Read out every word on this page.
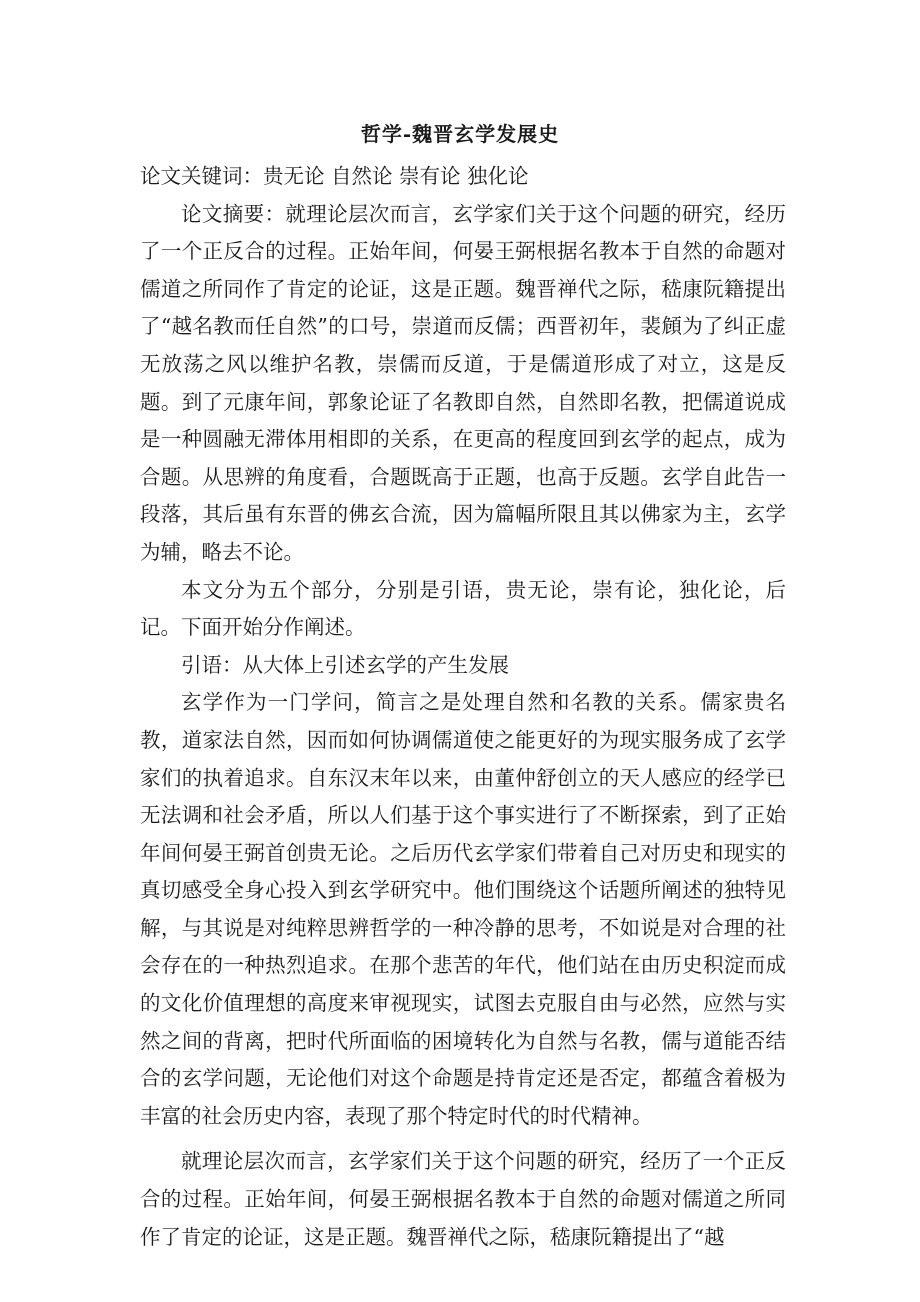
哲学-魏晋玄学发展史

论文关键词：贵无论 自然论 崇有论 独化论

论文摘要：就理论层次而言，玄学家们关于这个问题的研究，经历了一个正反合的过程。正始年间，何晏王弼根据名教本于自然的命题对儒道之所同作了肯定的论证，这是正题。魏晋禅代之际，嵇康阮籍提出了“越名教而任自然”的口号，崇道而反儒；西晋初年，裴頠为了纠正虚无放荡之风以维护名教，崇儒而反道，于是儒道形成了对立，这是反题。到了元康年间，郭象论证了名教即自然，自然即名教，把儒道说成是一种圆融无滞体用相即的关系，在更高的程度回到玄学的起点，成为合题。从思辨的角度看，合题既高于正题，也高于反题。玄学自此告一段落，其后虽有东晋的佛玄合流，因为篇幅所限且其以佛家为主，玄学为辅，略去不论。

本文分为五个部分，分别是引语，贵无论，崇有论，独化论，后记。下面开始分作阐述。

引语：从大体上引述玄学的产生发展

玄学作为一门学问，简言之是处理自然和名教的关系。儒家贵名教，道家法自然，因而如何协调儒道使之能更好的为现实服务成了玄学家们的执着追求。自东汉末年以来，由董仲舒创立的天人感应的经学已无法调和社会矛盾，所以人们基于这个事实进行了不断探索，到了正始年间何晏王弼首创贵无论。之后历代玄学家们带着自己对历史和现实的真切感受全身心投入到玄学研究中。他们围绕这个话题所阐述的独特见解，与其说是对纯粹思辨哲学的一种冷静的思考，不如说是对合理的社会存在的一种热烈追求。在那个悲苦的年代，他们站在由历史积淀而成的文化价值理想的高度来审视现实，试图去克服自由与必然，应然与实然之间的背离，把时代所面临的困境转化为自然与名教，儒与道能否结合的玄学问题，无论他们对这个命题是持肯定还是否定，都蕴含着极为丰富的社会历史内容，表现了那个特定时代的时代精神。

就理论层次而言，玄学家们关于这个问题的研究，经历了一个正反合的过程。正始年间，何晏王弼根据名教本于自然的命题对儒道之所同作了肯定的论证，这是正题。魏晋禅代之际，嵇康阮籍提出了“越
